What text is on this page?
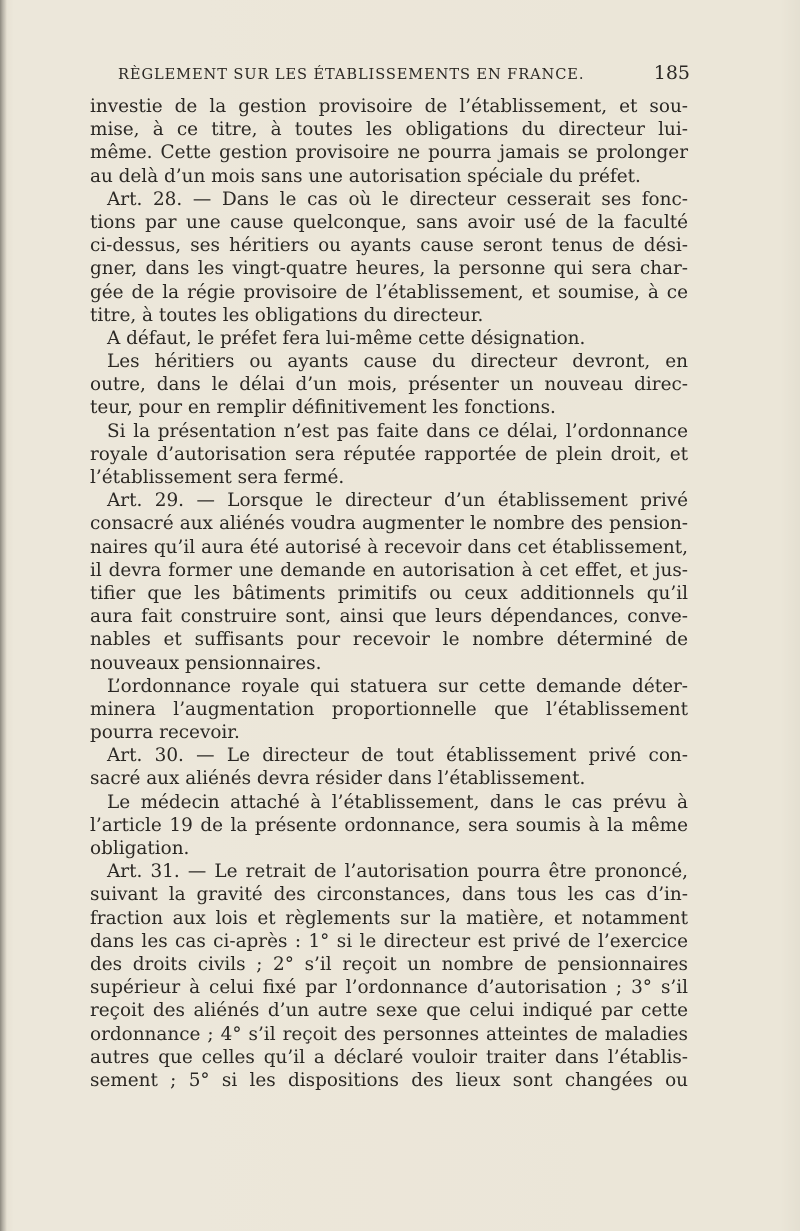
RÈGLEMENT SUR LES ÉTABLISSEMENTS EN FRANCE.	185
investie de la gestion provisoire de l’établissement, et sou-
mise, à ce titre, à toutes les obligations du directeur lui-
même. Cette gestion provisoire ne pourra jamais se prolonger
au delà d’un mois sans une autorisation spéciale du préfet.
Art. 28. — Dans le cas où le directeur cesserait ses fonc-
tions par une cause quelconque, sans avoir usé de la faculté
ci-dessus, ses héritiers ou ayants cause seront tenus de dési-
gner, dans les vingt-quatre heures, la personne qui sera char-
gée de la régie provisoire de l’établissement, et soumise, à ce
titre, à toutes les obligations du directeur.
A défaut, le préfet fera lui-même cette désignation.
Les héritiers ou ayants cause du directeur devront, en
outre, dans le délai d’un mois, présenter un nouveau direc-
teur, pour en remplir définitivement les fonctions.
Si la présentation n’est pas faite dans ce délai, l’ordonnance
royale d’autorisation sera réputée rapportée de plein droit, et
l’établissement sera fermé.
Art. 29. — Lorsque le directeur d’un établissement privé
consacré aux aliénés voudra augmenter le nombre des pension-
naires qu’il aura été autorisé à recevoir dans cet établissement,
il devra former une demande en autorisation à cet effet, et jus-
tifier que les bâtiments primitifs ou ceux additionnels qu’il
aura fait construire sont, ainsi que leurs dépendances, conve-
nables et suffisants pour recevoir le nombre déterminé de
nouveaux pensionnaires.
L’ordonnance royale qui statuera sur cette demande déter-
minera l’augmentation proportionnelle que l’établissement
pourra recevoir.
Art. 30. — Le directeur de tout établissement privé con-
sacré aux aliénés devra résider dans l’établissement.
Le médecin attaché à l’établissement, dans le cas prévu à
l’article 19 de la présente ordonnance, sera soumis à la même
obligation.
Art. 31. — Le retrait de l’autorisation pourra être prononcé,
suivant la gravité des circonstances, dans tous les cas d’in-
fraction aux lois et règlements sur la matière, et notamment
dans les cas ci-après : 1° si le directeur est privé de l’exercice
des droits civils ; 2° s’il reçoit un nombre de pensionnaires
supérieur à celui fixé par l’ordonnance d’autorisation ; 3° s’il
reçoit des aliénés d’un autre sexe que celui indiqué par cette
ordonnance ; 4° s’il reçoit des personnes atteintes de maladies
autres que celles qu’il a déclaré vouloir traiter dans l’établis-
sement ; 5° si les dispositions des lieux sont changées ou
